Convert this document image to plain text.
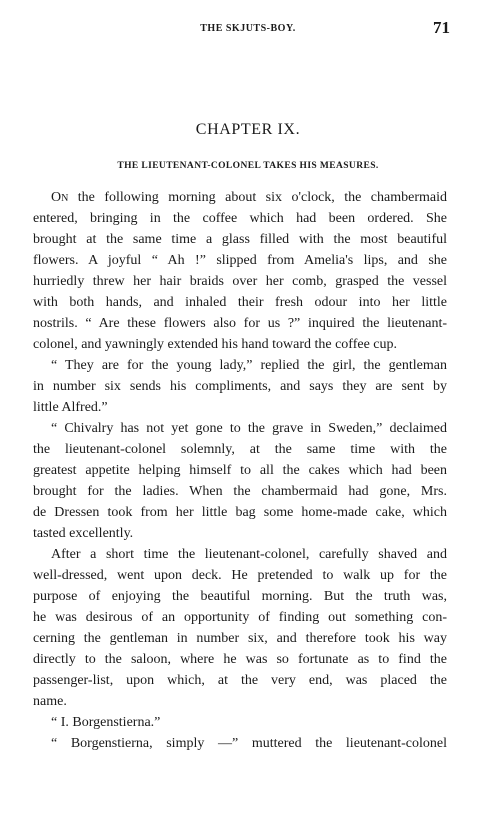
THE SKJUTS-BOY.	71
CHAPTER IX.
THE LIEUTENANT-COLONEL TAKES HIS MEASURES.
On the following morning about six o'clock, the chambermaid
entered, bringing in the coffee which had been ordered. She
brought at the same time a glass filled with the most beautiful
flowers. A joyful “ Ah !” slipped from Amelia's lips, and she
hurriedly threw her hair braids over her comb, grasped the vessel
with both hands, and inhaled their fresh odour into her little
nostrils. “ Are these flowers also for us ?” inquired the lieutenant-
colonel, and yawningly extended his hand toward the coffee cup.
“ They are for the young lady,” replied the girl, the gentleman
in number six sends his compliments, and says they are sent by
little Alfred.”
“ Chivalry has not yet gone to the grave in Sweden,” declaimed
the lieutenant-colonel solemnly, at the same time with the
greatest appetite helping himself to all the cakes which had been
brought for the ladies. When the chambermaid had gone, Mrs.
de Dressen took from her little bag some home-made cake, which
tasted excellently.
After a short time the lieutenant-colonel, carefully shaved and
well-dressed, went upon deck. He pretended to walk up for the
purpose of enjoying the beautiful morning. But the truth was,
he was desirous of an opportunity of finding out something con-
cerning the gentleman in number six, and therefore took his way
directly to the saloon, where he was so fortunate as to find the
passenger-list, upon which, at the very end, was placed the
name.
“ I. Borgenstierna.”
“ Borgenstierna, simply —” muttered the lieutenant-colonel
